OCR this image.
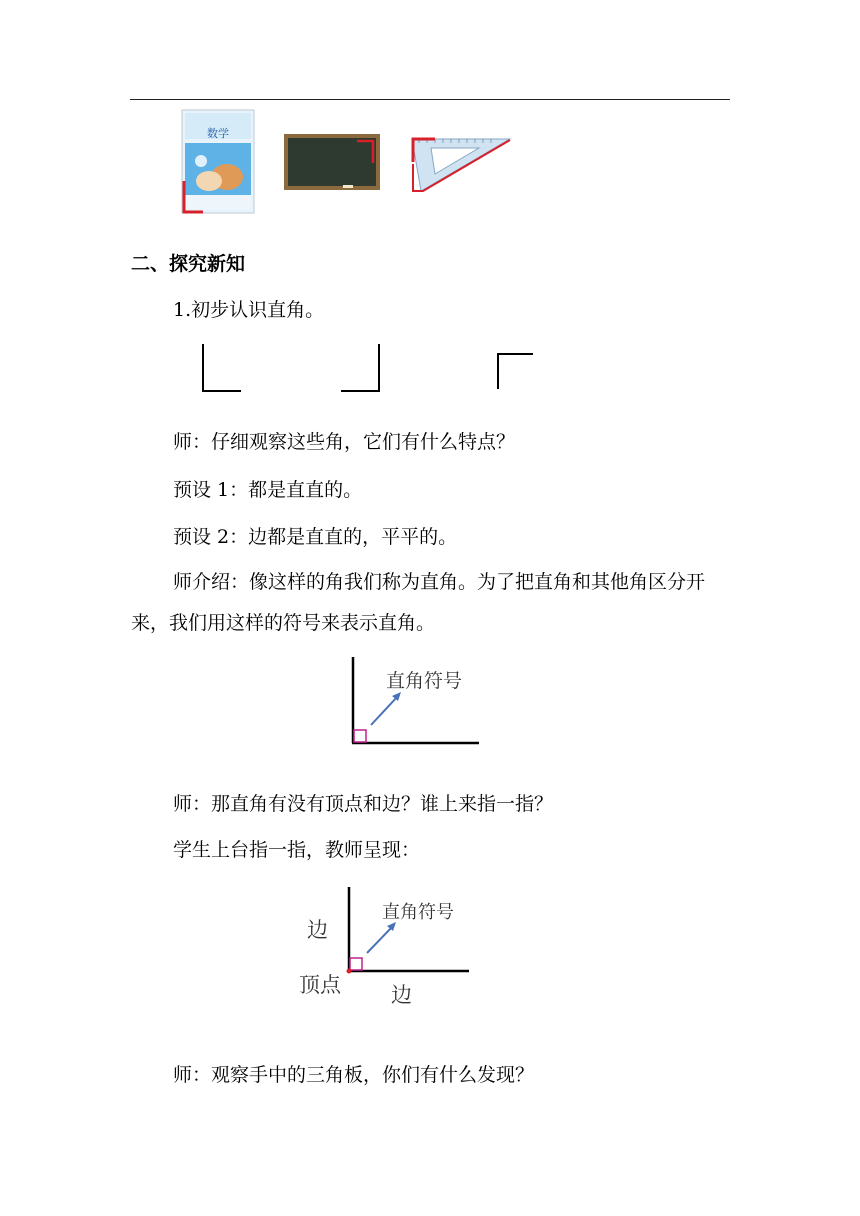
数学
二、探究新知
1.初步认识直角。
师：仔细观察这些角，它们有什么特点？
预设 1：都是直直的。
预设 2：边都是直直的，平平的。
师介绍：像这样的角我们称为直角。为了把直角和其他角区分开
来，我们用这样的符号来表示直角。
直角符号
师：那直角有没有顶点和边？谁上来指一指？
学生上台指一指，教师呈现：
直角符号
边
顶点 边
师：观察手中的三角板，你们有什么发现？
